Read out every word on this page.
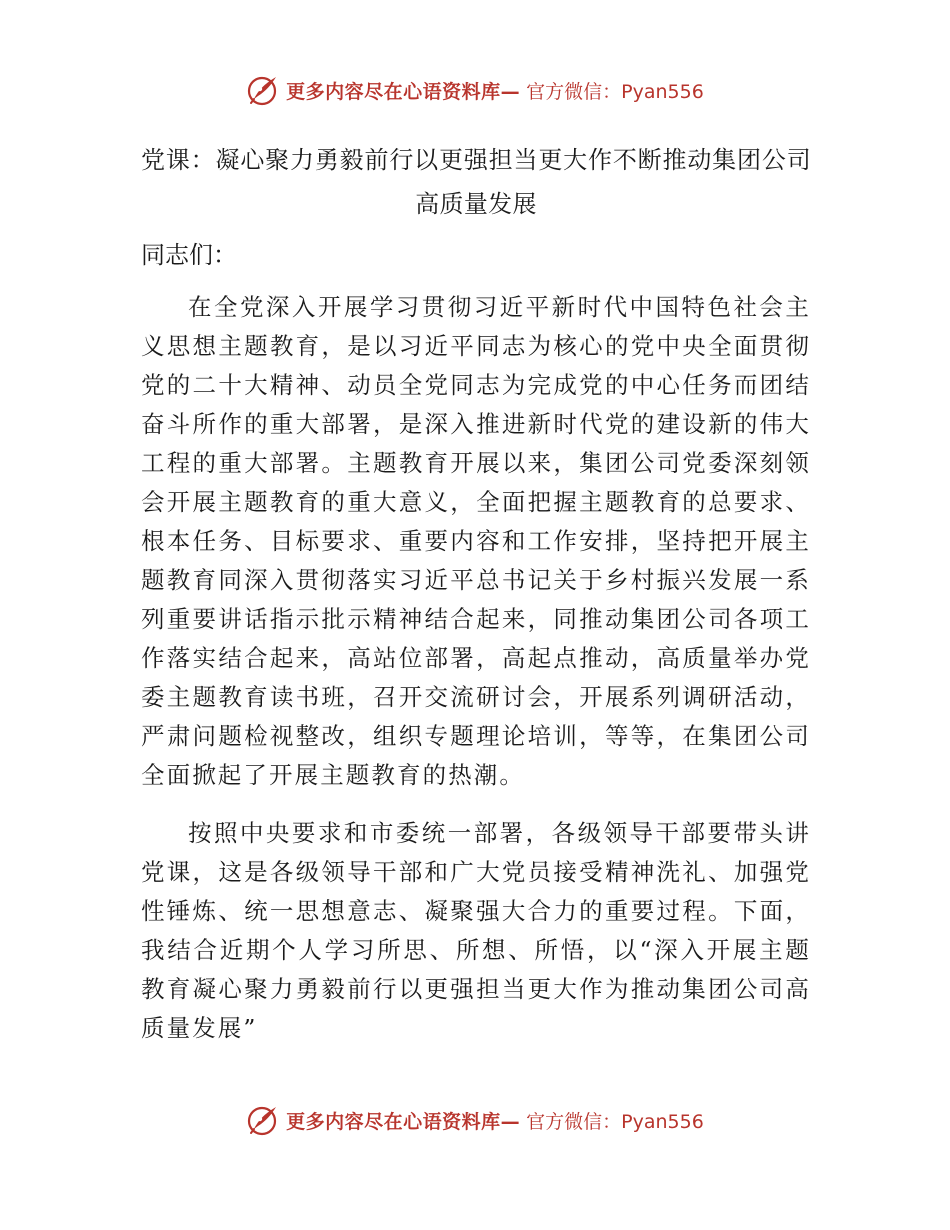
更多内容尽在心语资料库— 官方微信：Pyan556
党课：凝心聚力勇毅前行以更强担当更大作不断推动集团公司高质量发展

同志们：

在全党深入开展学习贯彻习近平新时代中国特色社会主义思想主题教育，是以习近平同志为核心的党中央全面贯彻党的二十大精神、动员全党同志为完成党的中心任务而团结奋斗所作的重大部署，是深入推进新时代党的建设新的伟大工程的重大部署。主题教育开展以来，集团公司党委深刻领会开展主题教育的重大意义，全面把握主题教育的总要求、根本任务、目标要求、重要内容和工作安排，坚持把开展主题教育同深入贯彻落实习近平总书记关于乡村振兴发展一系列重要讲话指示批示精神结合起来，同推动集团公司各项工作落实结合起来，高站位部署，高起点推动，高质量举办党委主题教育读书班，召开交流研讨会，开展系列调研活动，严肃问题检视整改，组织专题理论培训，等等，在集团公司全面掀起了开展主题教育的热潮。

按照中央要求和市委统一部署，各级领导干部要带头讲党课，这是各级领导干部和广大党员接受精神洗礼、加强党性锤炼、统一思想意志、凝聚强大合力的重要过程。下面，我结合近期个人学习所思、所想、所悟，以“深入开展主题教育凝心聚力勇毅前行以更强担当更大作为推动集团公司高质量发展”

更多内容尽在心语资料库— 官方微信：Pyan556
